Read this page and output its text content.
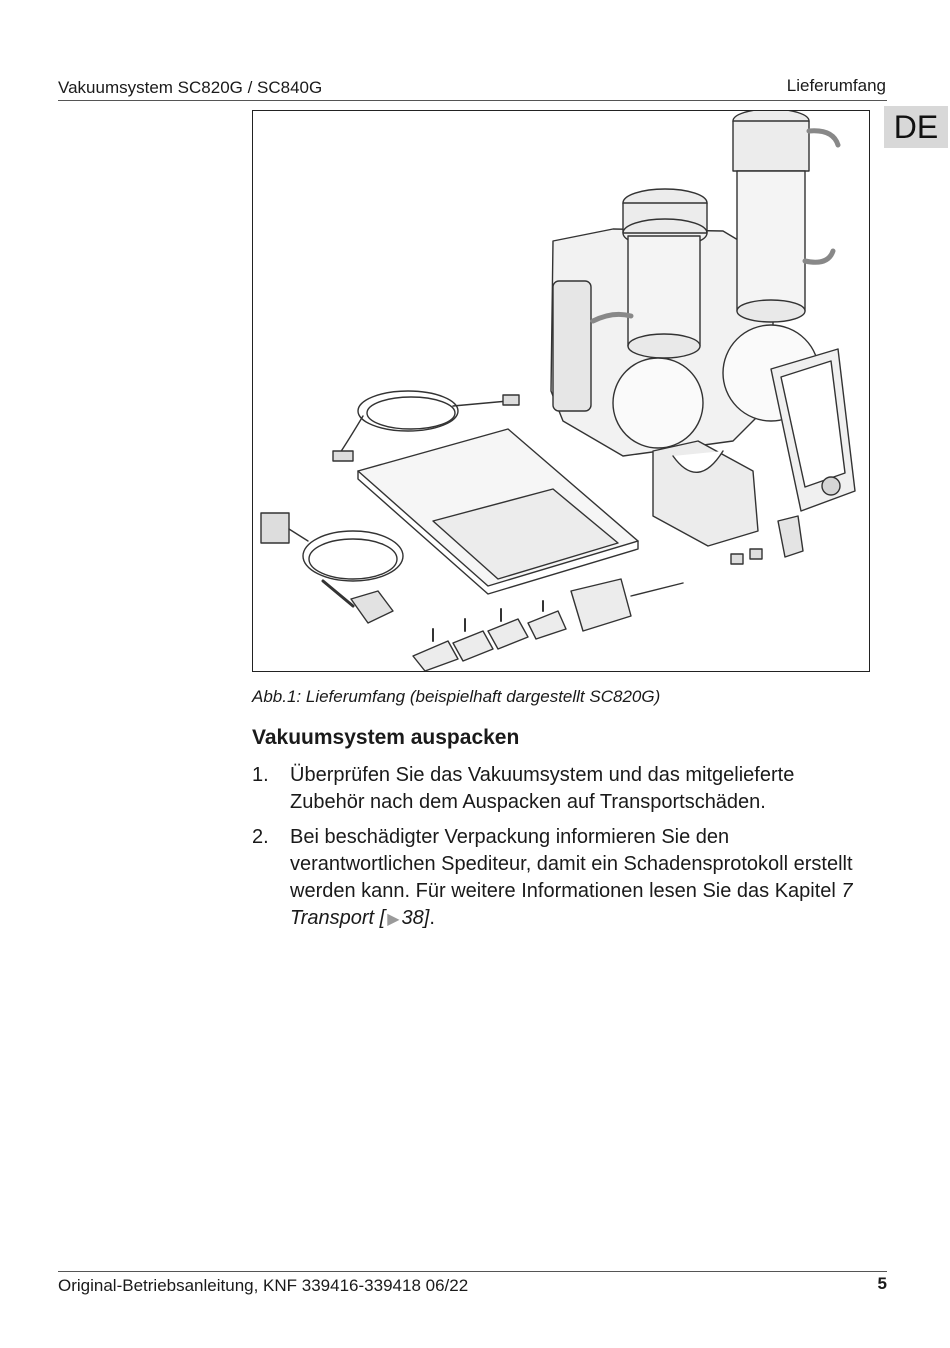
Vakuumsystem SC820G / SC840G	Lieferumfang
DE
Abb.1: Lieferumfang (beispielhaft dargestellt SC820G)
Vakuumsystem auspacken
1.	Überprüfen Sie das Vakuumsystem und das mitgelieferte Zubehör nach dem Auspacken auf Transportschäden.
2.	Bei beschädigter Verpackung informieren Sie den verantwortlichen Spediteur, damit ein Schadensprotokoll erstellt werden kann. Für weitere Informationen lesen Sie das Kapitel 7 Transport [ ▶ 38].
Original-Betriebsanleitung, KNF 339416-339418 06/22	5
